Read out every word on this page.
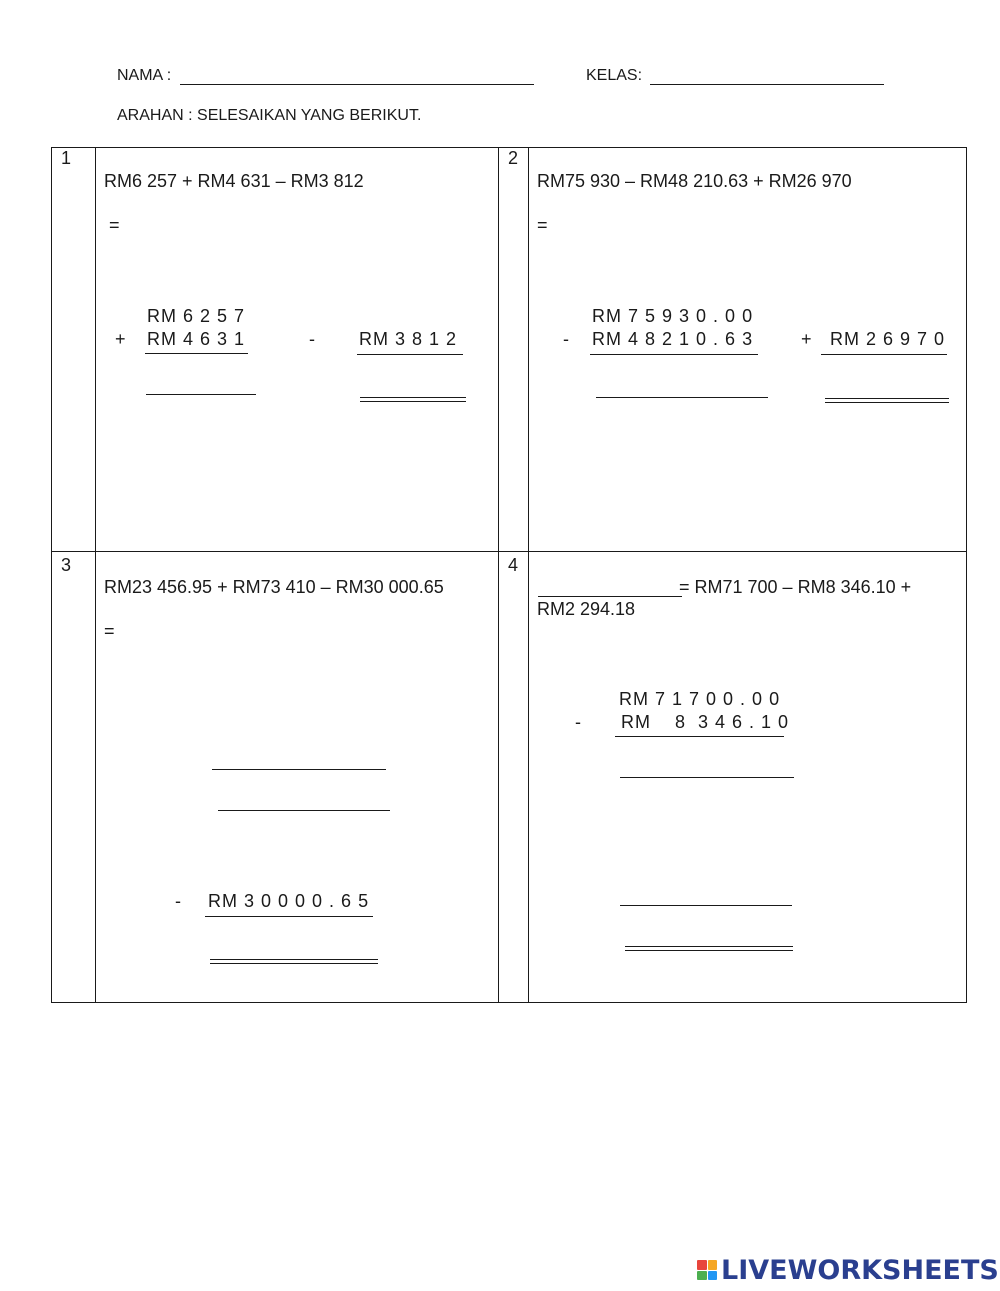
NAMA :	KELAS:
ARAHAN : SELESAIKAN YANG BERIKUT.
1
RM6 257 + RM4 631 – RM3 812
=
RM 6 2 5 7
+ RM 4 6 3 1	- RM 3 8 1 2
2
RM75 930 – RM48 210.63 + RM26 970
=
RM 7 5 9 3 0 . 0 0
- RM 4 8 2 1 0 . 6 3	+ RM 2 6 9 7 0
3
RM23 456.95 + RM73 410 – RM30 000.65
=
- RM 3 0 0 0 0 . 6 5
4
= RM71 700 – RM8 346.10 +
RM2 294.18
RM 7 1 7 0 0 . 0 0
- RM    8  3 4 6 . 1 0
LIVEWORKSHEETS
